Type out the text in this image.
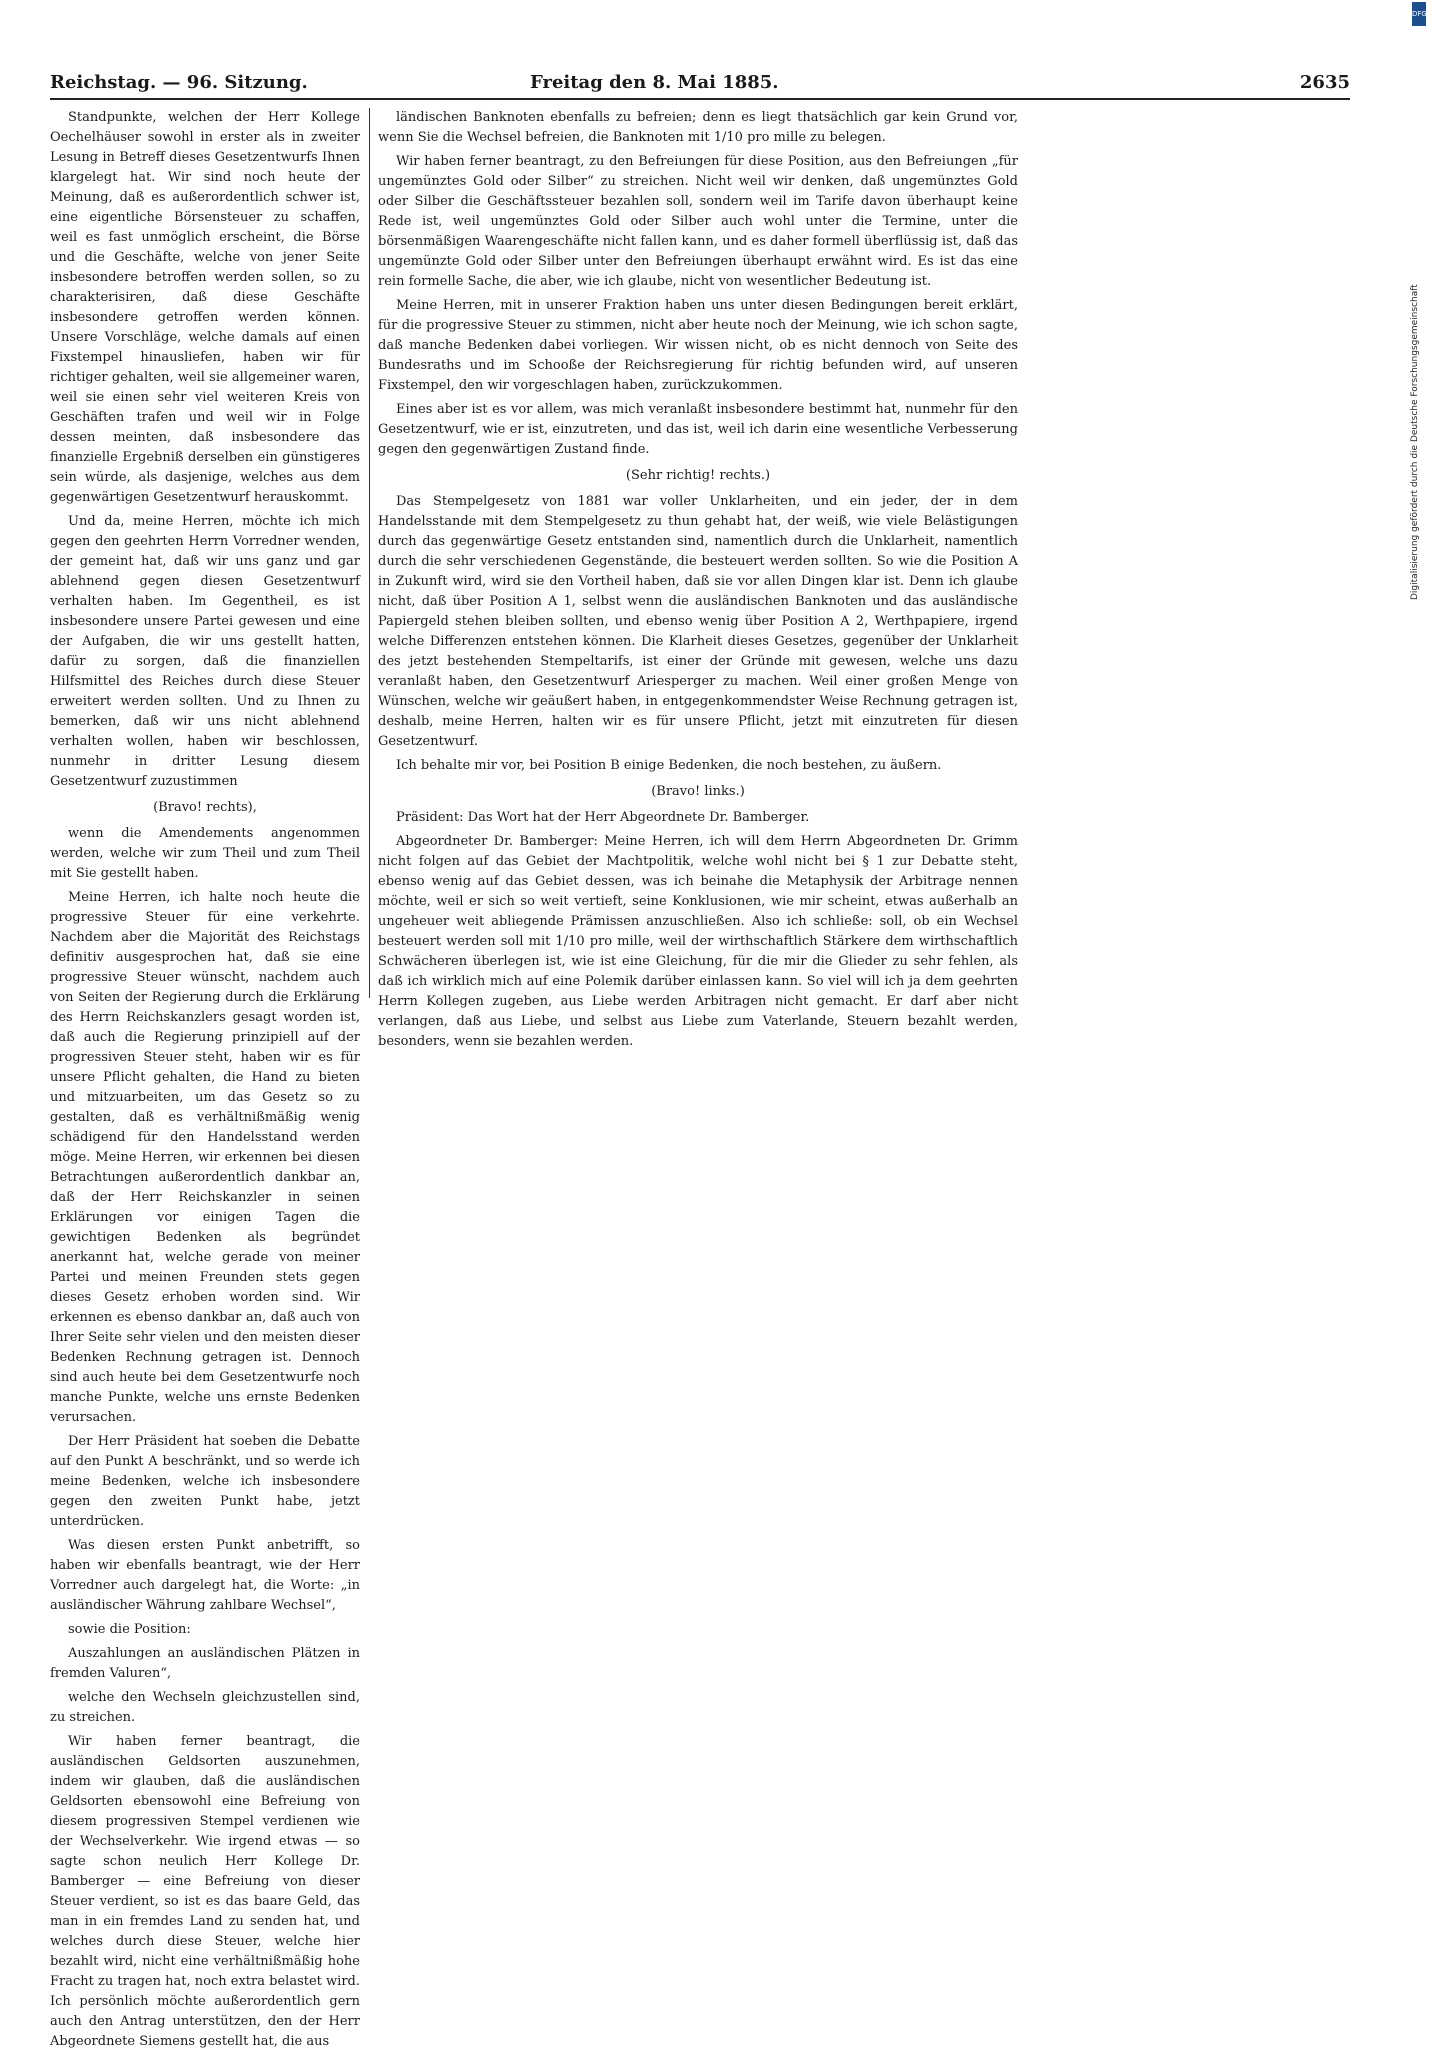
Reichstag. — 96. Sitzung.	Freitag den 8. Mai 1885.	2635

Standpunkte, welchen der Herr Kollege Oechelhäuser sowohl in erster als in zweiter Lesung in Betreff dieses Gesetzentwurfs Ihnen klargelegt hat. Wir sind noch heute der Meinung, daß es außerordentlich schwer ist, eine eigentliche Börsensteuer zu schaffen, weil es fast unmöglich erscheint, die Börse und die Geschäfte, welche von jener Seite insbesondere betroffen werden sollen, so zu charakterisiren, daß diese Geschäfte insbesondere getroffen werden können. Unsere Vorschläge, welche damals auf einen Fixstempel hinausliefen, haben wir für richtiger gehalten, weil sie allgemeiner waren, weil sie einen sehr viel weiteren Kreis von Geschäften trafen und weil wir in Folge dessen meinten, daß insbesondere das finanzielle Ergebniß derselben ein günstigeres sein würde, als dasjenige, welches aus dem gegenwärtigen Gesetzentwurf herauskommt.

Und da, meine Herren, möchte ich mich gegen den geehrten Herrn Vorredner wenden, der gemeint hat, daß wir uns ganz und gar ablehnend gegen diesen Gesetzentwurf verhalten haben. Im Gegentheil, es ist insbesondere unsere Partei gewesen und eine der Aufgaben, die wir uns gestellt hatten, dafür zu sorgen, daß die finanziellen Hilfsmittel des Reiches durch diese Steuer erweitert werden sollten. Und zu Ihnen zu bemerken, daß wir uns nicht ablehnend verhalten wollen, haben wir beschlossen, nunmehr in dritter Lesung diesem Gesetzentwurf zuzustimmen

(Bravo! rechts),

wenn die Amendements angenommen werden, welche wir zum Theil und zum Theil mit Sie gestellt haben.

Meine Herren, ich halte noch heute die progressive Steuer für eine verkehrte. Nachdem aber die Majorität des Reichstags definitiv ausgesprochen hat, daß sie eine progressive Steuer wünscht, nachdem auch von Seiten der Regierung durch die Erklärung des Herrn Reichskanzlers gesagt worden ist, daß auch die Regierung prinzipiell auf der progressiven Steuer steht, haben wir es für unsere Pflicht gehalten, die Hand zu bieten und mitzuarbeiten, um das Gesetz so zu gestalten, daß es verhältnißmäßig wenig schädigend für den Handelsstand werden möge. Meine Herren, wir erkennen bei diesen Betrachtungen außerordentlich dankbar an, daß der Herr Reichskanzler in seinen Erklärungen vor einigen Tagen die gewichtigen Bedenken als begründet anerkannt hat, welche gerade von meiner Partei und meinen Freunden stets gegen dieses Gesetz erhoben worden sind. Wir erkennen es ebenso dankbar an, daß auch von Ihrer Seite sehr vielen und den meisten dieser Bedenken Rechnung getragen ist. Dennoch sind auch heute bei dem Gesetzentwurfe noch manche Punkte, welche uns ernste Bedenken verursachen.

Der Herr Präsident hat soeben die Debatte auf den Punkt A beschränkt, und so werde ich meine Bedenken, welche ich insbesondere gegen den zweiten Punkt habe, jetzt unterdrücken.

Was diesen ersten Punkt anbetrifft, so haben wir ebenfalls beantragt, wie der Herr Vorredner auch dargelegt hat, die Worte: „in ausländischer Währung zahlbare Wechsel“,

sowie die Position:

Auszahlungen an ausländischen Plätzen in fremden Valuren“,

welche den Wechseln gleichzustellen sind, zu streichen.

Wir haben ferner beantragt, die ausländischen Geldsorten auszunehmen, indem wir glauben, daß die ausländischen Geldsorten ebensowohl eine Befreiung von diesem progressiven Stempel verdienen wie der Wechselverkehr. Wie irgend etwas — so sagte schon neulich Herr Kollege Dr. Bamberger — eine Befreiung von dieser Steuer verdient, so ist es das baare Geld, das man in ein fremdes Land zu senden hat, und welches durch diese Steuer, welche hier bezahlt wird, nicht eine verhältnißmäßig hohe Fracht zu tragen hat, noch extra belastet wird. Ich persönlich möchte außerordentlich gern auch den Antrag unterstützen, den der Herr Abgeordnete Siemens gestellt hat, die aus

ländischen Banknoten ebenfalls zu befreien; denn es liegt thatsächlich gar kein Grund vor, wenn Sie die Wechsel befreien, die Banknoten mit 1/10 pro mille zu belegen.

Wir haben ferner beantragt, zu den Befreiungen für diese Position, aus den Befreiungen „für ungemünztes Gold oder Silber“ zu streichen. Nicht weil wir denken, daß ungemünztes Gold oder Silber die Geschäftssteuer bezahlen soll, sondern weil im Tarife davon überhaupt keine Rede ist, weil ungemünztes Gold oder Silber auch wohl unter die Termine, unter die börsenmäßigen Waarengeschäfte nicht fallen kann, und es daher formell überflüssig ist, daß das ungemünzte Gold oder Silber unter den Befreiungen überhaupt erwähnt wird. Es ist das eine rein formelle Sache, die aber, wie ich glaube, nicht von wesentlicher Bedeutung ist.

Meine Herren, mit in unserer Fraktion haben uns unter diesen Bedingungen bereit erklärt, für die progressive Steuer zu stimmen, nicht aber heute noch der Meinung, wie ich schon sagte, daß manche Bedenken dabei vorliegen. Wir wissen nicht, ob es nicht dennoch von Seite des Bundesraths und im Schooße der Reichsregierung für richtig befunden wird, auf unseren Fixstempel, den wir vorgeschlagen haben, zurückzukommen.

Eines aber ist es vor allem, was mich veranlaßt insbesondere bestimmt hat, nunmehr für den Gesetzentwurf, wie er ist, einzutreten, und das ist, weil ich darin eine wesentliche Verbesserung gegen den gegenwärtigen Zustand finde.

(Sehr richtig! rechts.)

Das Stempelgesetz von 1881 war voller Unklarheiten, und ein jeder, der in dem Handelsstande mit dem Stempelgesetz zu thun gehabt hat, der weiß, wie viele Belästigungen durch das gegenwärtige Gesetz entstanden sind, namentlich durch die Unklarheit, namentlich durch die sehr verschiedenen Gegenstände, die besteuert werden sollten. So wie die Position A in Zukunft wird, wird sie den Vortheil haben, daß sie vor allen Dingen klar ist. Denn ich glaube nicht, daß über Position A 1, selbst wenn die ausländischen Banknoten und das ausländische Papiergeld stehen bleiben sollten, und ebenso wenig über Position A 2, Werthpapiere, irgend welche Differenzen entstehen können. Die Klarheit dieses Gesetzes, gegenüber der Unklarheit des jetzt bestehenden Stempeltarifs, ist einer der Gründe mit gewesen, welche uns dazu veranlaßt haben, den Gesetzentwurf Ariesperger zu machen. Weil einer großen Menge von Wünschen, welche wir geäußert haben, in entgegenkommendster Weise Rechnung getragen ist, deshalb, meine Herren, halten wir es für unsere Pflicht, jetzt mit einzutreten für diesen Gesetzentwurf.

Ich behalte mir vor, bei Position B einige Bedenken, die noch bestehen, zu äußern.

(Bravo! links.)

Präsident: Das Wort hat der Herr Abgeordnete Dr. Bamberger.

Abgeordneter Dr. Bamberger: Meine Herren, ich will dem Herrn Abgeordneten Dr. Grimm nicht folgen auf das Gebiet der Machtpolitik, welche wohl nicht bei § 1 zur Debatte steht, ebenso wenig auf das Gebiet dessen, was ich beinahe die Metaphysik der Arbitrage nennen möchte, weil er sich so weit vertieft, seine Konklusionen, wie mir scheint, etwas außerhalb an ungeheuer weit abliegende Prämissen anzuschließen. Also ich schließe: soll, ob ein Wechsel besteuert werden soll mit 1/10 pro mille, weil der wirthschaftlich Stärkere dem wirthschaftlich Schwächeren überlegen ist, wie ist eine Gleichung, für die mir die Glieder zu sehr fehlen, als daß ich wirklich mich auf eine Polemik darüber einlassen kann. So viel will ich ja dem geehrten Herrn Kollegen zugeben, aus Liebe werden Arbitragen nicht gemacht. Er darf aber nicht verlangen, daß aus Liebe, und selbst aus Liebe zum Vaterlande, Steuern bezahlt werden, besonders, wenn sie bezahlen werden.

DFG
Digitalisierung gefördert durch die Deutsche Forschungsgemeinschaft
